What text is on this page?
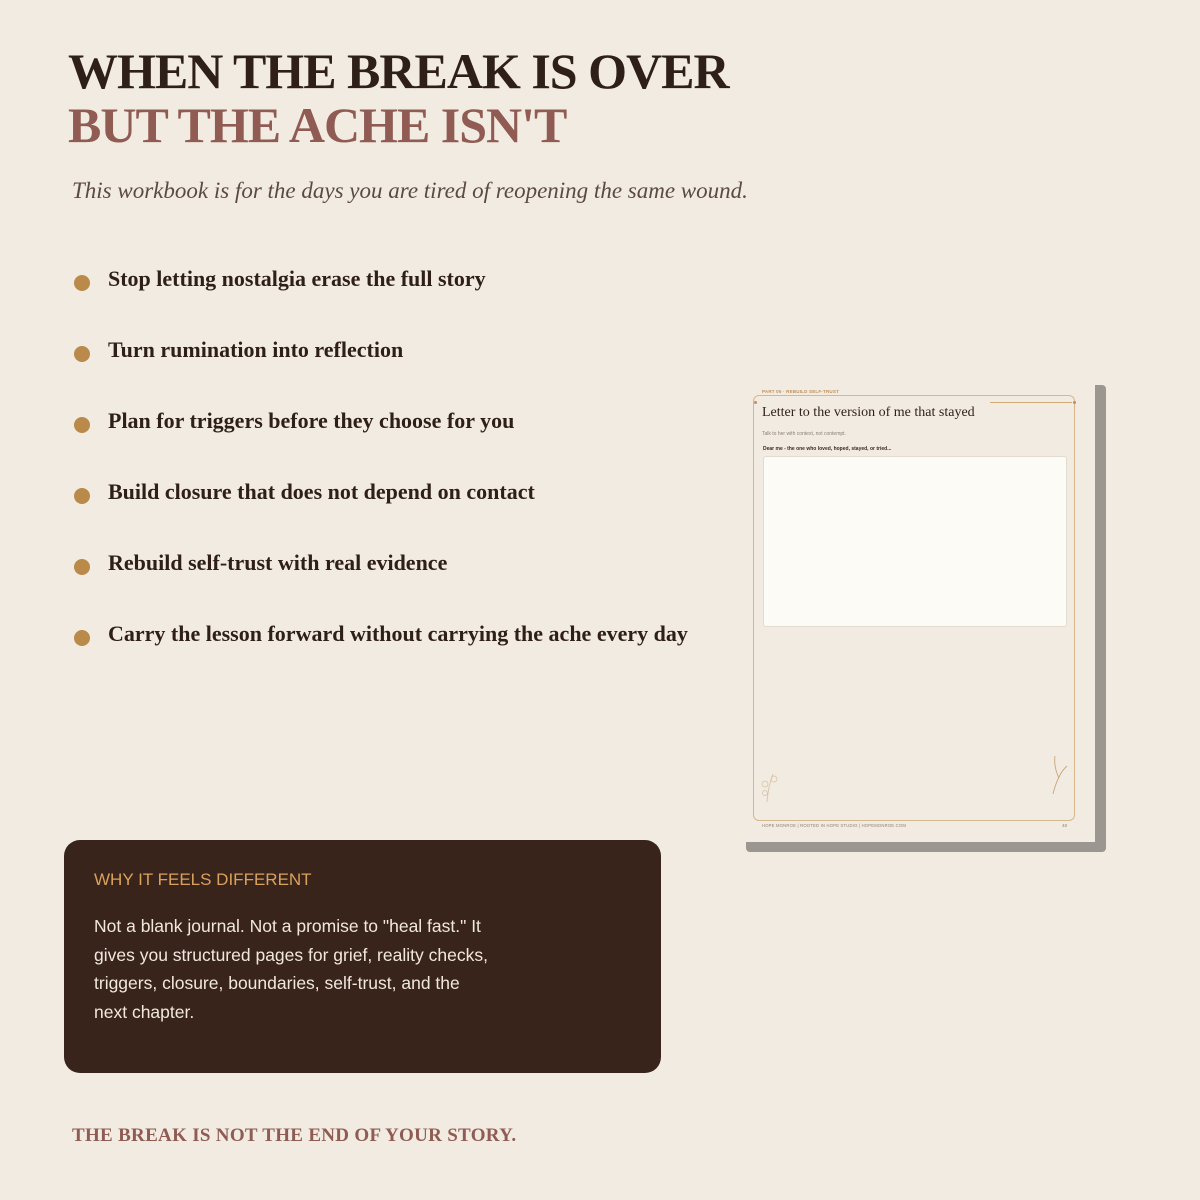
WHEN THE BREAK IS OVER
BUT THE ACHE ISN'T

This workbook is for the days you are tired of reopening the same wound.

Stop letting nostalgia erase the full story
Turn rumination into reflection
Plan for triggers before they choose for you
Build closure that does not depend on contact
Rebuild self-trust with real evidence
Carry the lesson forward without carrying the ache every day
PART 05 · REBUILD SELF-TRUST
Letter to the version of me that stayed
Talk to her with context, not contempt.
Dear me - the one who loved, hoped, stayed, or tried...
HOPE MONROE | ROOTED IN HOPE STUDIO | HOPEMONROE.COM	48

WHY IT FEELS DIFFERENT

Not a blank journal. Not a promise to "heal fast." It gives you structured pages for grief, reality checks, triggers, closure, boundaries, self-trust, and the next chapter.

THE BREAK IS NOT THE END OF YOUR STORY.
